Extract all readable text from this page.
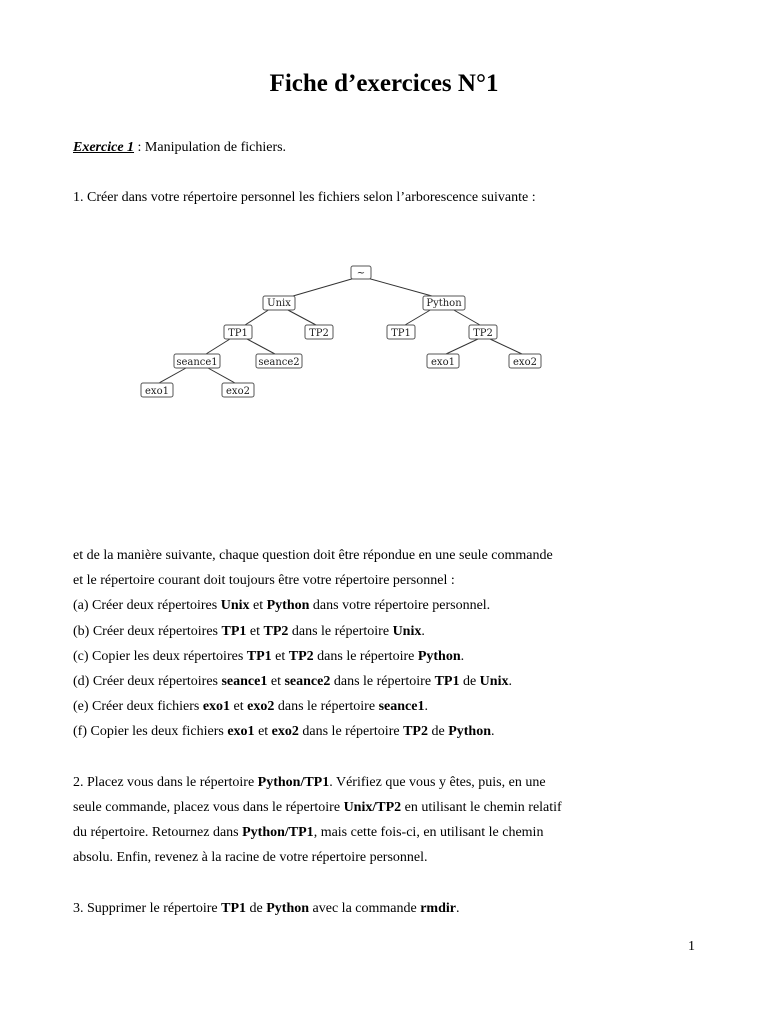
Fiche d’exercices N°1
Exercice 1 : Manipulation de fichiers.
1. Créer dans votre répertoire personnel les fichiers selon l’arborescence suivante :
~
Unix	Python
TP1	TP2	TP1	TP2
seance1	seance2
exo1	exo2
exo1	exo2
et de la manière suivante, chaque question doit être répondue en une seule commande
et le répertoire courant doit toujours être votre répertoire personnel :
(a) Créer deux répertoires Unix et Python dans votre répertoire personnel.
(b) Créer deux répertoires TP1 et TP2 dans le répertoire Unix.
(c) Copier les deux répertoires TP1 et TP2 dans le répertoire Python.
(d) Créer deux répertoires seance1 et seance2 dans le répertoire TP1 de Unix.
(e) Créer deux fichiers exo1 et exo2 dans le répertoire seance1.
(f) Copier les deux fichiers exo1 et exo2 dans le répertoire TP2 de Python.
2. Placez vous dans le répertoire Python/TP1. Vérifiez que vous y êtes, puis, en une
seule commande, placez vous dans le répertoire Unix/TP2 en utilisant le chemin relatif
du répertoire. Retournez dans Python/TP1, mais cette fois-ci, en utilisant le chemin
absolu. Enfin, revenez à la racine de votre répertoire personnel.
3. Supprimer le répertoire TP1 de Python avec la commande rmdir.
1
